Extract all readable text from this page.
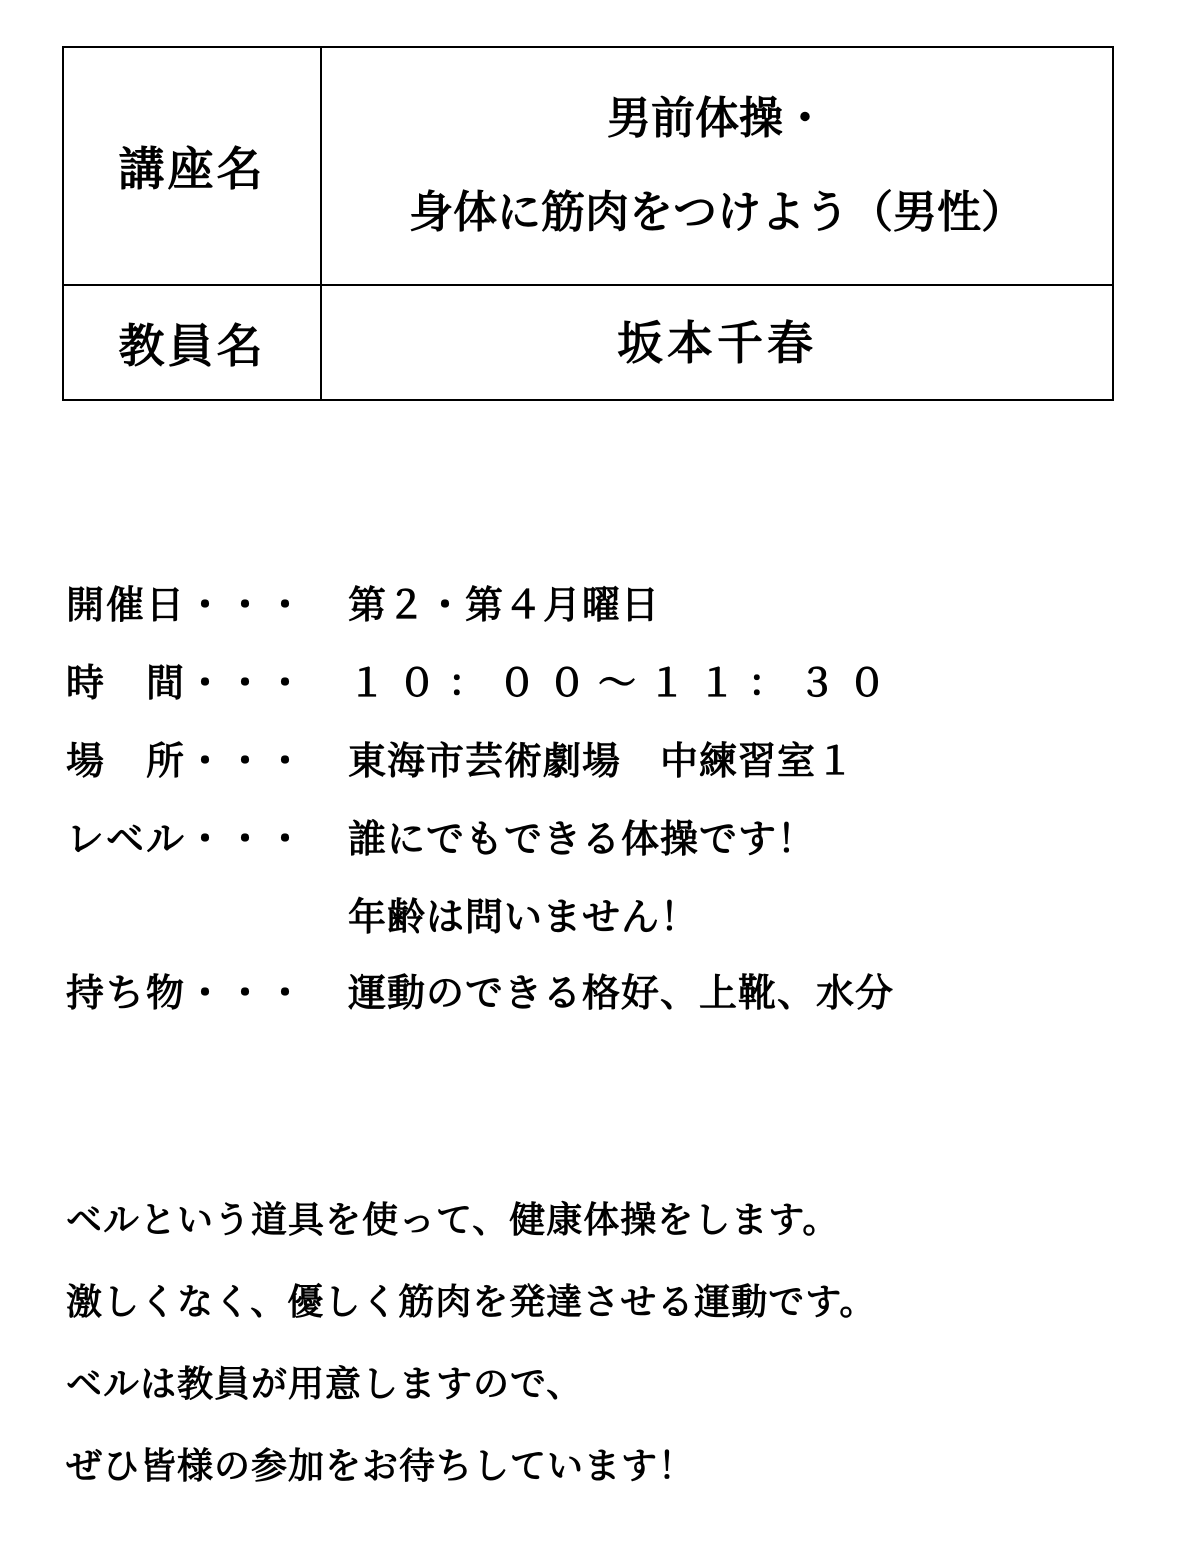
講座名
男前体操・
身体に筋肉をつけよう（男性）
教員名	坂本千春
開催日・・・ 第２・第４月曜日
時　間・・・ １０：００～１１：３０
場　所・・・ 東海市芸術劇場　中練習室１
レベル・・・ 誰にでもできる体操です！
年齢は問いません！
持ち物・・・ 運動のできる格好、上靴、水分
ベルという道具を使って、健康体操をします。
激しくなく、優しく筋肉を発達させる運動です。
ベルは教員が用意しますので、
ぜひ皆様の参加をお待ちしています！
